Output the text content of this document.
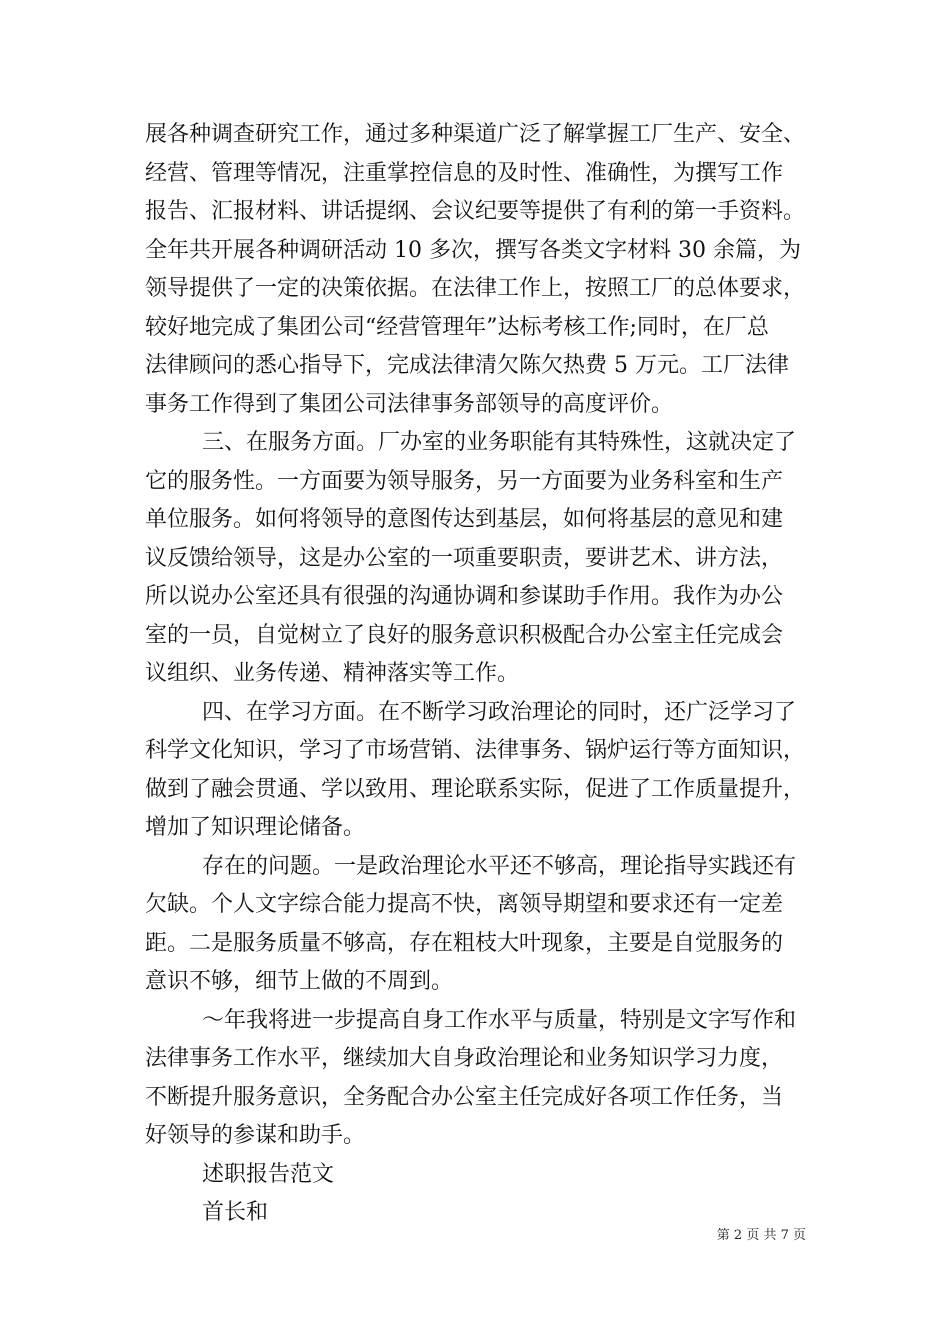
展各种调查研究工作，通过多种渠道广泛了解掌握工厂生产、安全、
经营、管理等情况，注重掌控信息的及时性、准确性，为撰写工作
报告、汇报材料、讲话提纲、会议纪要等提供了有利的第一手资料。
全年共开展各种调研活动 10 多次，撰写各类文字材料 30 余篇，为
领导提供了一定的决策依据。在法律工作上，按照工厂的总体要求，
较好地完成了集团公司“经营管理年”达标考核工作;同时，在厂总
法律顾问的悉心指导下，完成法律清欠陈欠热费 5 万元。工厂法律
事务工作得到了集团公司法律事务部领导的高度评价。
三、在服务方面。厂办室的业务职能有其特殊性，这就决定了
它的服务性。一方面要为领导服务，另一方面要为业务科室和生产
单位服务。如何将领导的意图传达到基层，如何将基层的意见和建
议反馈给领导，这是办公室的一项重要职责，要讲艺术、讲方法，
所以说办公室还具有很强的沟通协调和参谋助手作用。我作为办公
室的一员，自觉树立了良好的服务意识积极配合办公室主任完成会
议组织、业务传递、精神落实等工作。
四、在学习方面。在不断学习政治理论的同时，还广泛学习了
科学文化知识，学习了市场营销、法律事务、锅炉运行等方面知识，
做到了融会贯通、学以致用、理论联系实际，促进了工作质量提升，
增加了知识理论储备。
存在的问题。一是政治理论水平还不够高，理论指导实践还有
欠缺。个人文字综合能力提高不快，离领导期望和要求还有一定差
距。二是服务质量不够高，存在粗枝大叶现象，主要是自觉服务的
意识不够，细节上做的不周到。
～年我将进一步提高自身工作水平与质量，特别是文字写作和
法律事务工作水平，继续加大自身政治理论和业务知识学习力度，
不断提升服务意识，全务配合办公室主任完成好各项工作任务，当
好领导的参谋和助手。
述职报告范文
首长和
第 2 页 共 7 页
